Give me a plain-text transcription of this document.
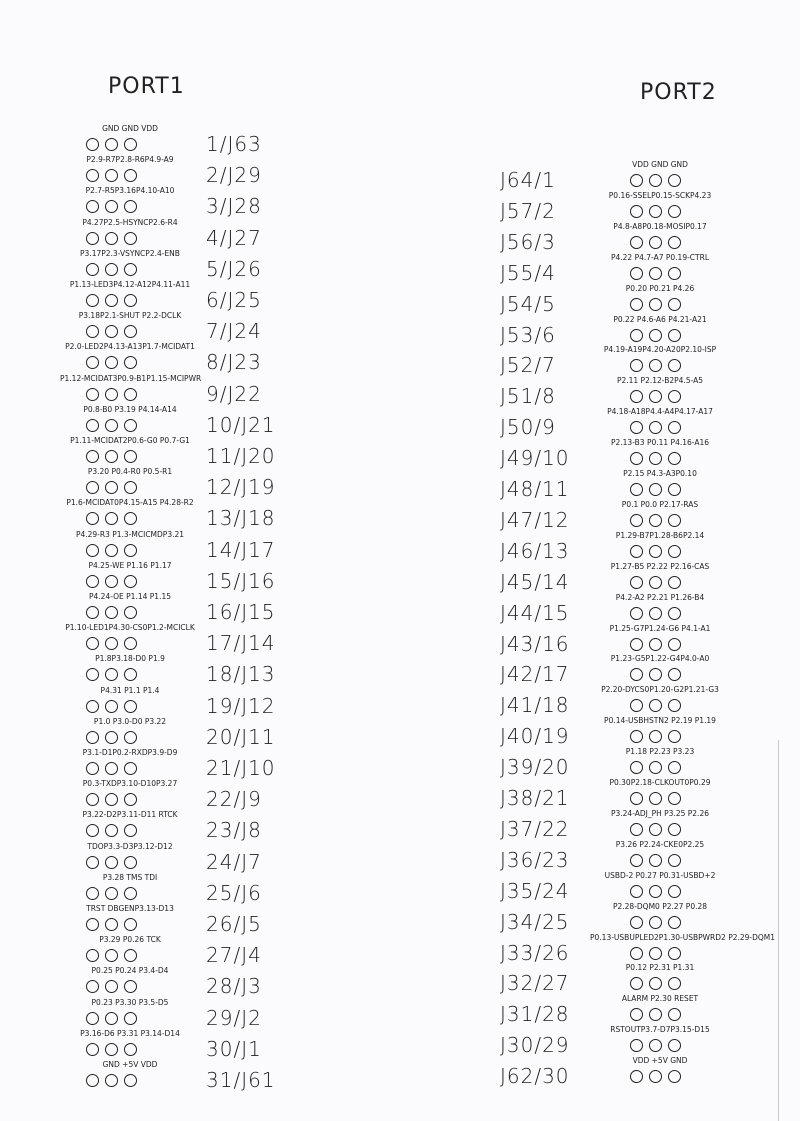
PORT1	PORT2
GND GND VDD
1/J63
P2.9-R7P2.8-R6P4.9-A9
2/J29
P2.7-R5P3.16P4.10-A10
3/J28
P4.27P2.5-HSYNCP2.6-R4
4/J27
P3.17P2.3-VSYNCP2.4-ENB
5/J26
P1.13-LED3P4.12-A12P4.11-A11
6/J25
P3.18P2.1-SHUT P2.2-DCLK
7/J24
P2.0-LED2P4.13-A13P1.7-MCIDAT1
8/J23
P1.12-MCIDAT3P0.9-B1P1.15-MCIPWR
9/J22
P0.8-B0 P3.19 P4.14-A14
10/J21
P1.11-MCIDAT2P0.6-G0 P0.7-G1
11/J20
P3.20 P0.4-R0 P0.5-R1
12/J19
P1.6-MCIDAT0P4.15-A15 P4.28-R2
13/J18
P4.29-R3 P1.3-MCICMDP3.21
14/J17
P4.25-WE P1.16 P1.17
15/J16
P4.24-OE P1.14 P1.15
16/J15
P1.10-LED1P4.30-CS0P1.2-MCICLK
17/J14
P1.8P3.18-D0 P1.9
18/J13
P4.31 P1.1 P1.4
19/J12
P1.0 P3.0-D0 P3.22
20/J11
P3.1-D1P0.2-RXDP3.9-D9
21/J10
P0.3-TXDP3.10-D10P3.27
22/J9
P3.22-D2P3.11-D11 RTCK
23/J8
TDOP3.3-D3P3.12-D12
24/J7
P3.28 TMS TDI
25/J6
TRST DBGENP3.13-D13
26/J5
P3.29 P0.26 TCK
27/J4
P0.25 P0.24 P3.4-D4
28/J3
P0.23 P3.30 P3.5-D5
29/J2
P3.16-D6 P3.31 P3.14-D14
30/J1
GND +5V VDD
31/J61
VDD GND GND
J64/1
P0.16-SSELP0.15-SCKP4.23
J57/2
P4.8-A8P0.18-MOSIP0.17
J56/3
P4.22 P4.7-A7 P0.19-CTRL
J55/4
P0.20 P0.21 P4.26
J54/5
P0.22 P4.6-A6 P4.21-A21
J53/6
P4.19-A19P4.20-A20P2.10-ISP
J52/7
P2.11 P2.12-B2P4.5-A5
J51/8
P4.18-A18P4.4-A4P4.17-A17
J50/9
P2.13-B3 P0.11 P4.16-A16
J49/10
P2.15 P4.3-A3P0.10
J48/11
P0.1 P0.0 P2.17-RAS
J47/12
P1.29-B7P1.28-B6P2.14
J46/13
P1.27-B5 P2.22 P2.16-CAS
J45/14
P4.2-A2 P2.21 P1.26-B4
J44/15
P1.25-G7P1.24-G6 P4.1-A1
J43/16
P1.23-G5P1.22-G4P4.0-A0
J42/17
P2.20-DYCS0P1.20-G2P1.21-G3
J41/18
P0.14-USBHSTN2 P2.19 P1.19
J40/19
P1.18 P2.23 P3.23
J39/20
P0.30P2.18-CLKOUT0P0.29
J38/21
P3.24-ADJ_PH P3.25 P2.26
J37/22
P3.26 P2.24-CKE0P2.25
J36/23
USBD-2 P0.27 P0.31-USBD+2
J35/24
P2.28-DQM0 P2.27 P0.28
J34/25
P0.13-USBUPLED2P1.30-USBPWRD2 P2.29-DQM1
J33/26
P0.12 P2.31 P1.31
J32/27
ALARM P2.30 RESET
J31/28
RSTOUTP3.7-D7P3.15-D15
J30/29
VDD +5V GND
J62/30
